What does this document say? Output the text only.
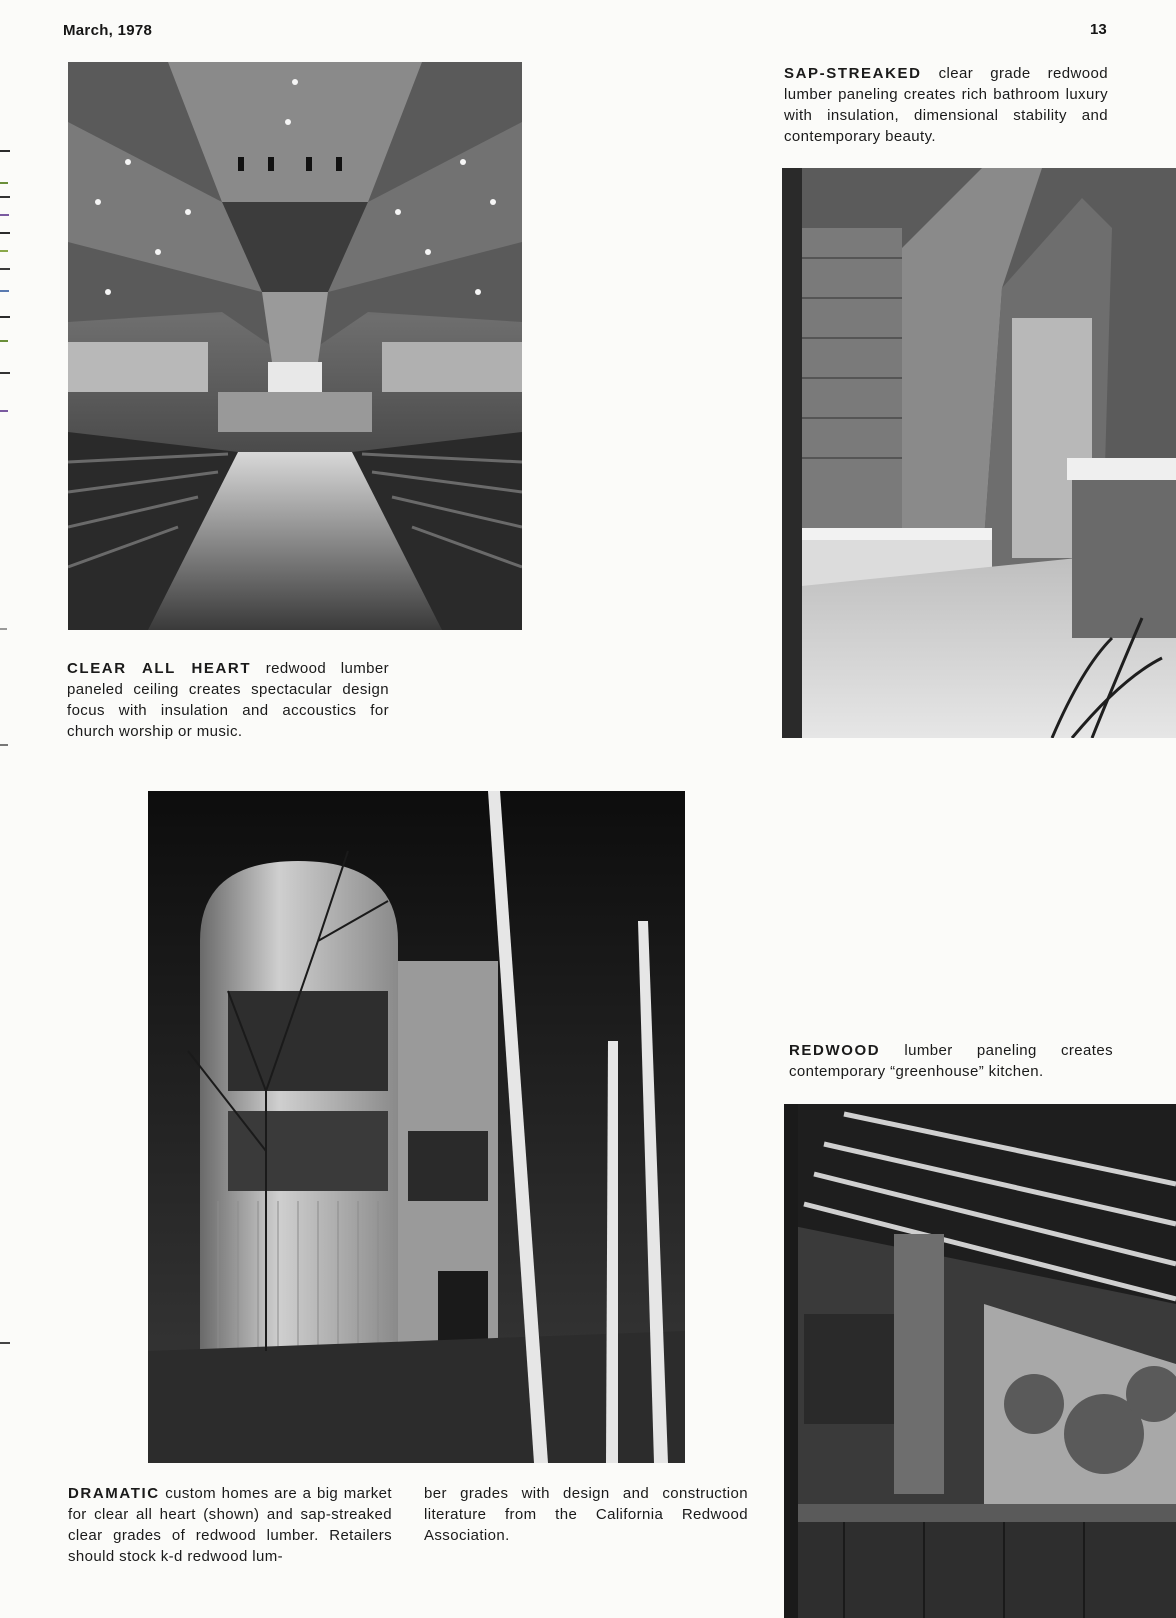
March, 1978	13
CLEAR ALL HEART redwood lumber paneled ceiling creates spectacular design focus with insulation and accoustics for church worship or music.
SAP-STREAKED clear grade redwood lumber paneling creates rich bathroom luxury with insulation, dimensional stability and contemporary beauty.
REDWOOD lumber paneling creates contemporary “greenhouse” kitchen.
DRAMATIC custom homes are a big market for clear all heart (shown) and sap-streaked clear grades of redwood lumber. Retailers should stock k-d redwood lum-
ber grades with design and construction literature from the California Redwood Association.
